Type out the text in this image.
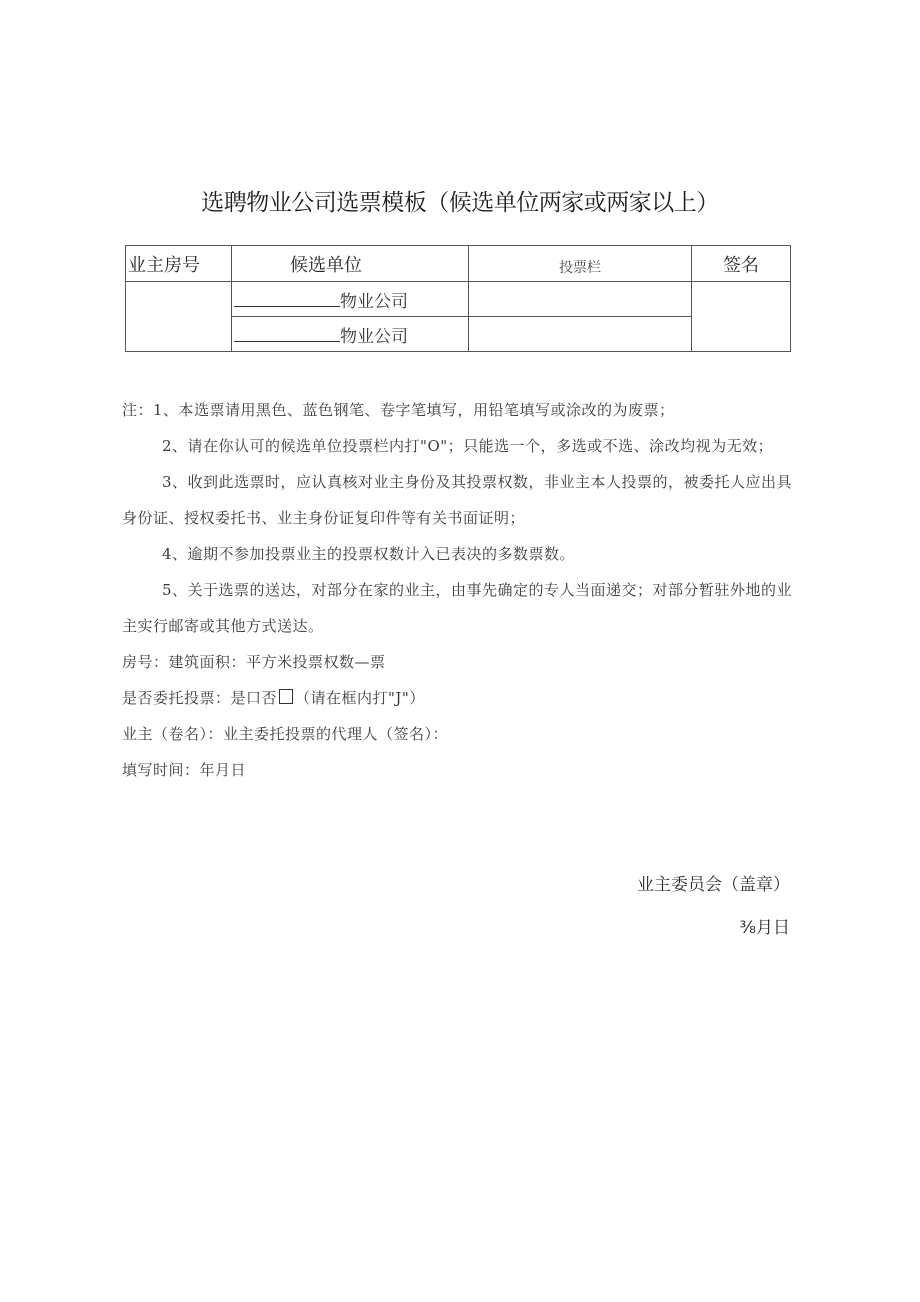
选聘物业公司选票模板（候选单位两家或两家以上）
业主房号	候选单位	投票栏	签名
	物业公司		
	物业公司		

注：1、本选票请用黑色、蓝色钢笔、卷字笔填写，用铅笔填写或涂改的为废票；

2、请在你认可的候选单位投票栏内打"O"；只能选一个，多选或不选、涂改均视为无效；

3、收到此选票时，应认真核对业主身份及其投票权数，非业主本人投票的，被委托人应出具身份证、授权委托书、业主身份证复印件等有关书面证明；

4、逾期不参加投票业主的投票权数计入已表决的多数票数。

5、关于选票的送达，对部分在家的业主，由事先确定的专人当面递交；对部分暂驻外地的业主实行邮寄或其他方式送达。

房号：建筑面积：平方米投票权数—票

是否委托投票：是口否 （请在框内打"J"）

业主（卷名）：业主委托投票的代理人（签名）：

填写时间：年月日

业主委员会（盖章）
⅜月日
